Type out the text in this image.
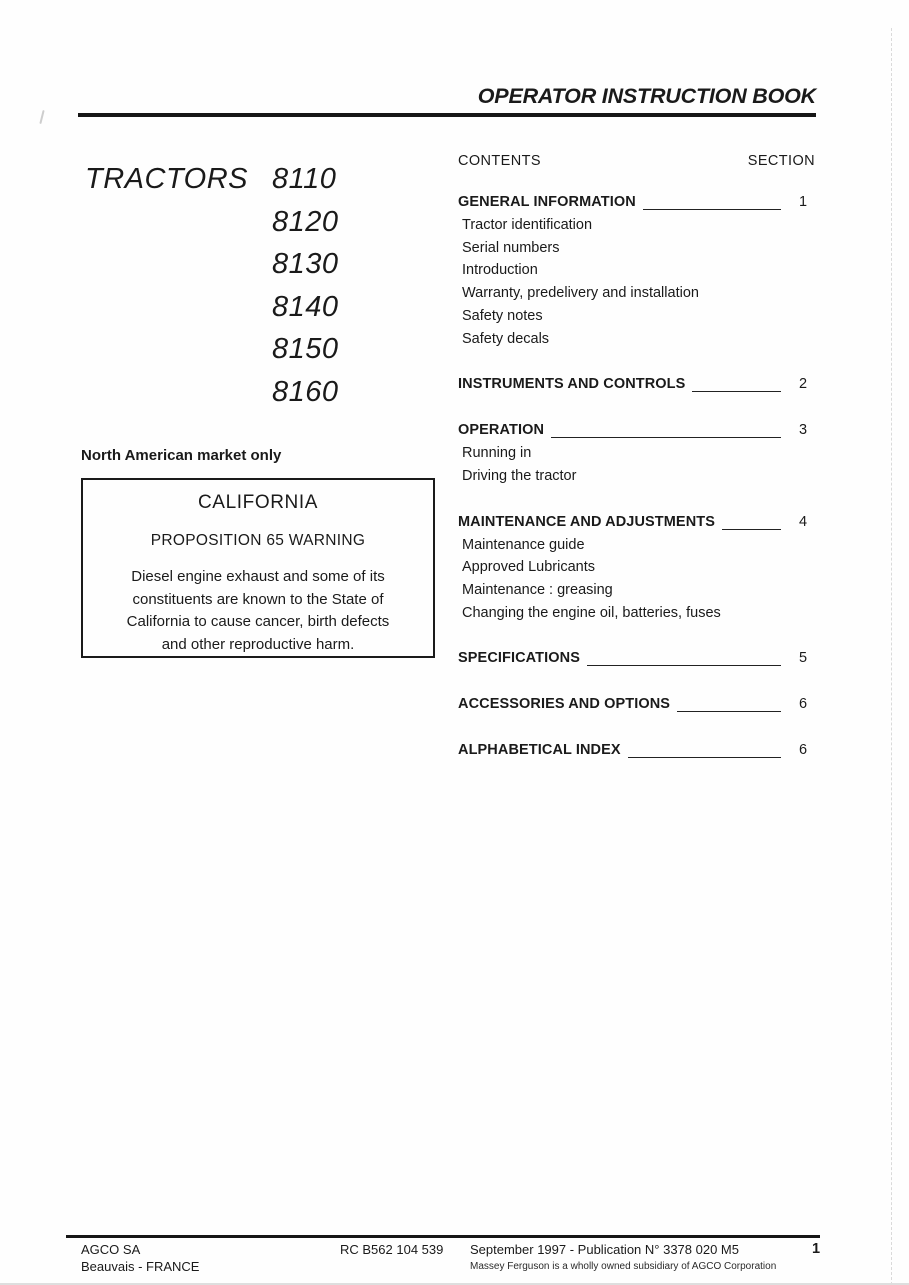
OPERATOR INSTRUCTION BOOK
TRACTORS 8110
8120
8130
8140
8150
8160
North American market only
CALIFORNIA
PROPOSITION 65 WARNING
Diesel engine exhaust and some of its
constituents are known to the State of
California to cause cancer, birth defects
and other reproductive harm.
CONTENTS	SECTION
GENERAL INFORMATION	1
Tractor identification
Serial numbers
Introduction
Warranty, predelivery and installation
Safety notes
Safety decals
INSTRUMENTS AND CONTROLS	2
OPERATION	3
Running in
Driving the tractor
MAINTENANCE AND ADJUSTMENTS	4
Maintenance guide
Approved Lubricants
Maintenance : greasing
Changing the engine oil, batteries, fuses
SPECIFICATIONS	5
ACCESSORIES AND OPTIONS	6
ALPHABETICAL INDEX	6
AGCO SA
Beauvais - FRANCE
RC B562 104 539 September 1997 - Publication N° 3378 020 M5
Massey Ferguson is a wholly owned subsidiary of AGCO Corporation
1
